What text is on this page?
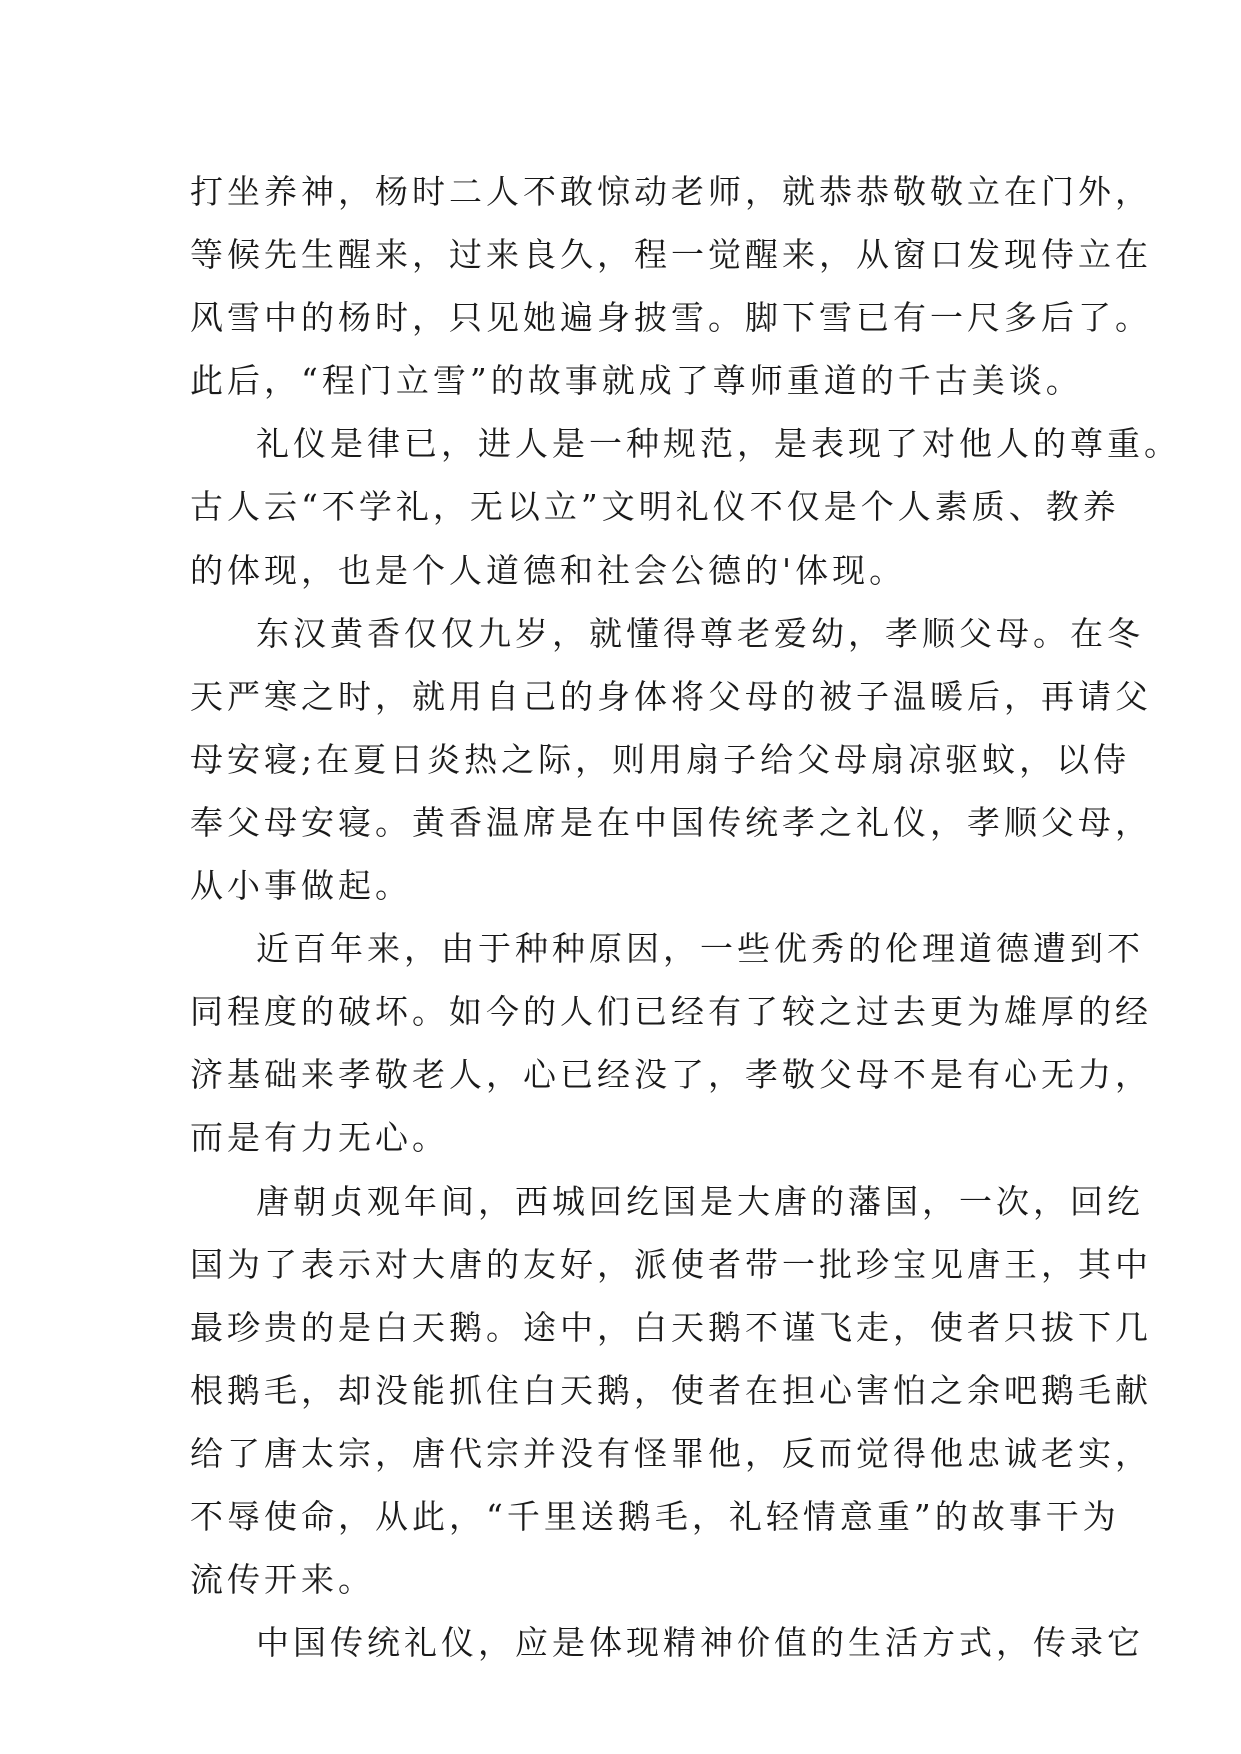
打坐养神，杨时二人不敢惊动老师，就恭恭敬敬立在门外，
等候先生醒来，过来良久，程一觉醒来，从窗口发现侍立在
风雪中的杨时，只见她遍身披雪。脚下雪已有一尺多后了。
此后，“程门立雪”的故事就成了尊师重道的千古美谈。
礼仪是律已，进人是一种规范，是表现了对他人的尊重。
古人云“不学礼，无以立”文明礼仪不仅是个人素质、教养
的体现，也是个人道德和社会公德的'体现。
东汉黄香仅仅九岁，就懂得尊老爱幼，孝顺父母。在冬
天严寒之时，就用自己的身体将父母的被子温暖后，再请父
母安寝;在夏日炎热之际，则用扇子给父母扇凉驱蚊，以侍
奉父母安寝。黄香温席是在中国传统孝之礼仪，孝顺父母，
从小事做起。
近百年来，由于种种原因，一些优秀的伦理道德遭到不
同程度的破坏。如今的人们已经有了较之过去更为雄厚的经
济基础来孝敬老人，心已经没了，孝敬父母不是有心无力，
而是有力无心。
唐朝贞观年间，西城回纥国是大唐的藩国，一次，回纥
国为了表示对大唐的友好，派使者带一批珍宝见唐王，其中
最珍贵的是白天鹅。途中，白天鹅不谨飞走，使者只拔下几
根鹅毛，却没能抓住白天鹅，使者在担心害怕之余吧鹅毛献
给了唐太宗，唐代宗并没有怪罪他，反而觉得他忠诚老实，
不辱使命，从此，“千里送鹅毛，礼轻情意重”的故事干为
流传开来。
中国传统礼仪，应是体现精神价值的生活方式，传录它
